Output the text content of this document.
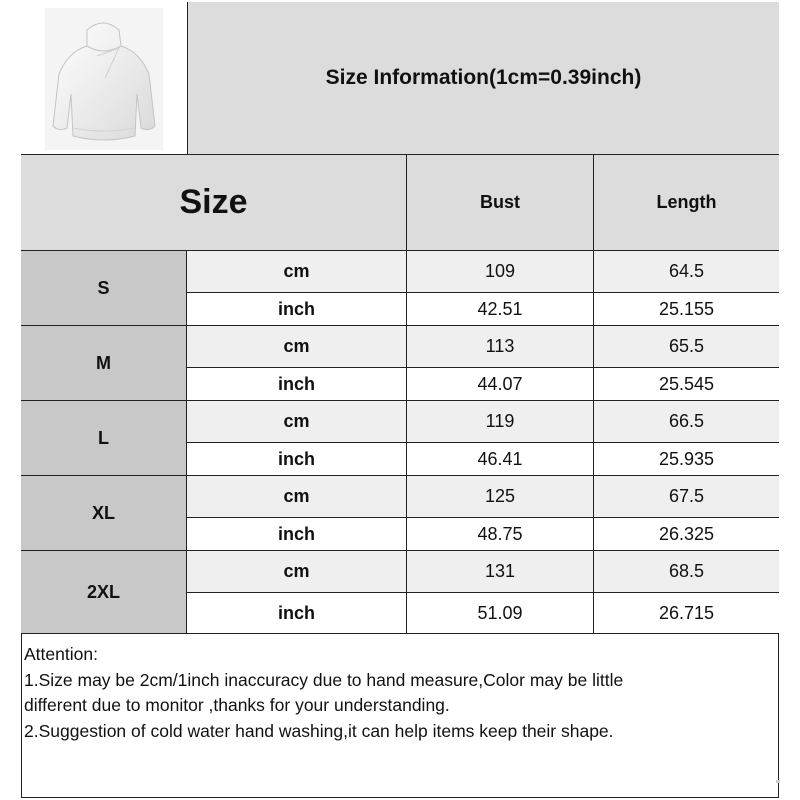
Size Information(1cm=0.39inch)
Size	Bust	Length
S
cm	109	64.5
inch	42.51	25.155
M
cm	113	65.5
inch	44.07	25.545
L
cm	119	66.5
inch	46.41	25.935
XL
cm	125	67.5
inch	48.75	26.325
2XL
cm	131	68.5
inch	51.09	26.715
Attention:
1.Size may be 2cm/1inch inaccuracy due to hand measure,Color may be little
different due to monitor ,thanks for your understanding.
2.Suggestion of cold water hand washing,it can help items keep their shape.
